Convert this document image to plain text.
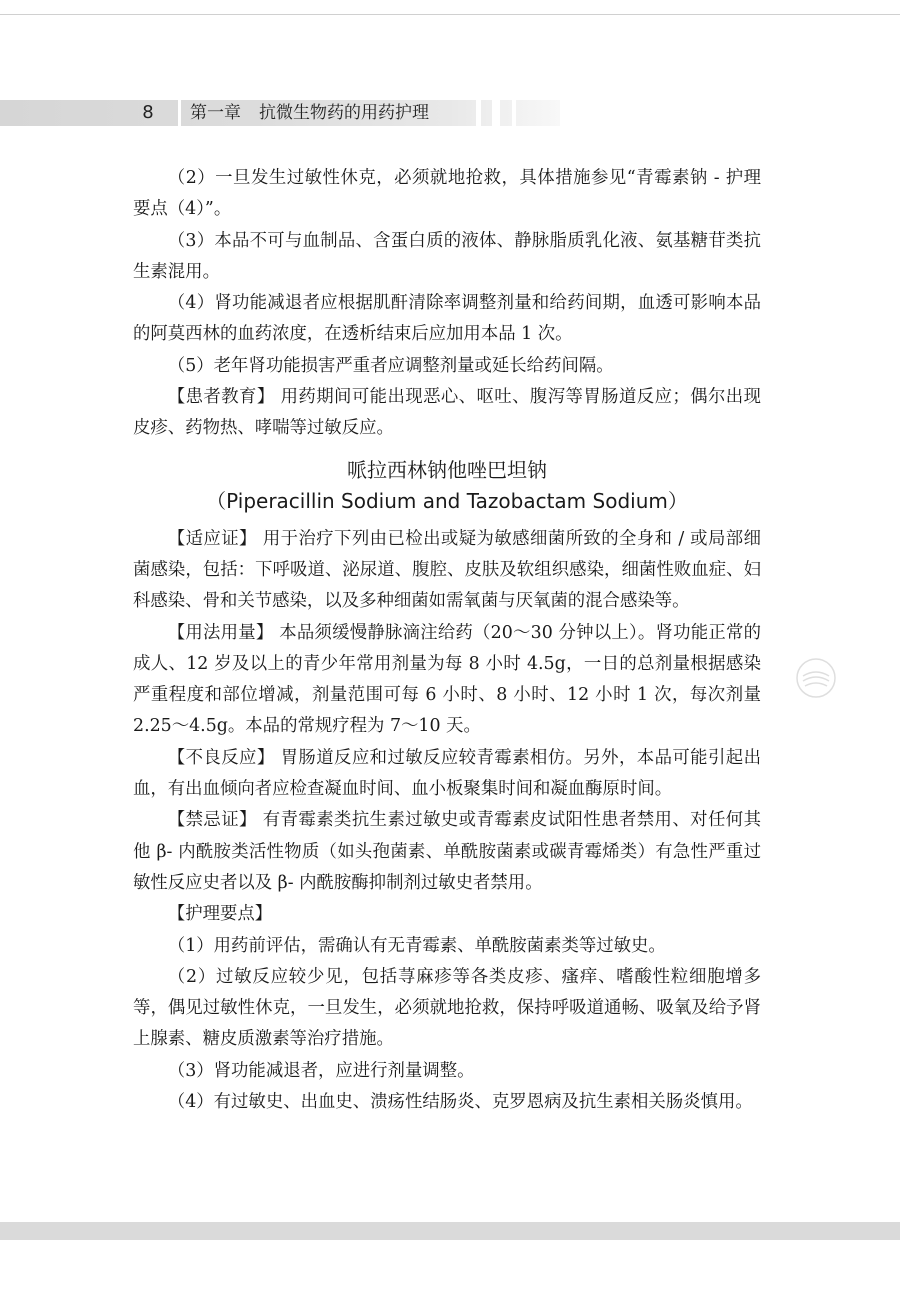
8	第一章 抗微生物药的用药护理

（2）一旦发生过敏性休克，必须就地抢救，具体措施参见“青霉素钠 - 护理要点（4）”。

（3）本品不可与血制品、含蛋白质的液体、静脉脂质乳化液、氨基糖苷类抗生素混用。

（4）肾功能减退者应根据肌酐清除率调整剂量和给药间期，血透可影响本品的阿莫西林的血药浓度，在透析结束后应加用本品 1 次。

（5）老年肾功能损害严重者应调整剂量或延长给药间隔。

【患者教育】 用药期间可能出现恶心、呕吐、腹泻等胃肠道反应；偶尔出现皮疹、药物热、哮喘等过敏反应。

哌拉西林钠他唑巴坦钠
（Piperacillin Sodium and Tazobactam Sodium）

【适应证】 用于治疗下列由已检出或疑为敏感细菌所致的全身和 / 或局部细菌感染，包括：下呼吸道、泌尿道、腹腔、皮肤及软组织感染，细菌性败血症、妇科感染、骨和关节感染，以及多种细菌如需氧菌与厌氧菌的混合感染等。

【用法用量】 本品须缓慢静脉滴注给药（20～30 分钟以上）。肾功能正常的成人、12 岁及以上的青少年常用剂量为每 8 小时 4.5g，一日的总剂量根据感染严重程度和部位增减，剂量范围可每 6 小时、8 小时、12 小时 1 次，每次剂量 2.25～4.5g。本品的常规疗程为 7～10 天。

【不良反应】 胃肠道反应和过敏反应较青霉素相仿。另外，本品可能引起出血，有出血倾向者应检查凝血时间、血小板聚集时间和凝血酶原时间。

【禁忌证】 有青霉素类抗生素过敏史或青霉素皮试阳性患者禁用、对任何其他 β- 内酰胺类活性物质（如头孢菌素、单酰胺菌素或碳青霉烯类）有急性严重过敏性反应史者以及 β- 内酰胺酶抑制剂过敏史者禁用。

【护理要点】

（1）用药前评估，需确认有无青霉素、单酰胺菌素类等过敏史。

（2）过敏反应较少见，包括荨麻疹等各类皮疹、瘙痒、嗜酸性粒细胞增多等，偶见过敏性休克，一旦发生，必须就地抢救，保持呼吸道通畅、吸氧及给予肾上腺素、糖皮质激素等治疗措施。

（3）肾功能减退者，应进行剂量调整。

（4）有过敏史、出血史、溃疡性结肠炎、克罗恩病及抗生素相关肠炎慎用。
